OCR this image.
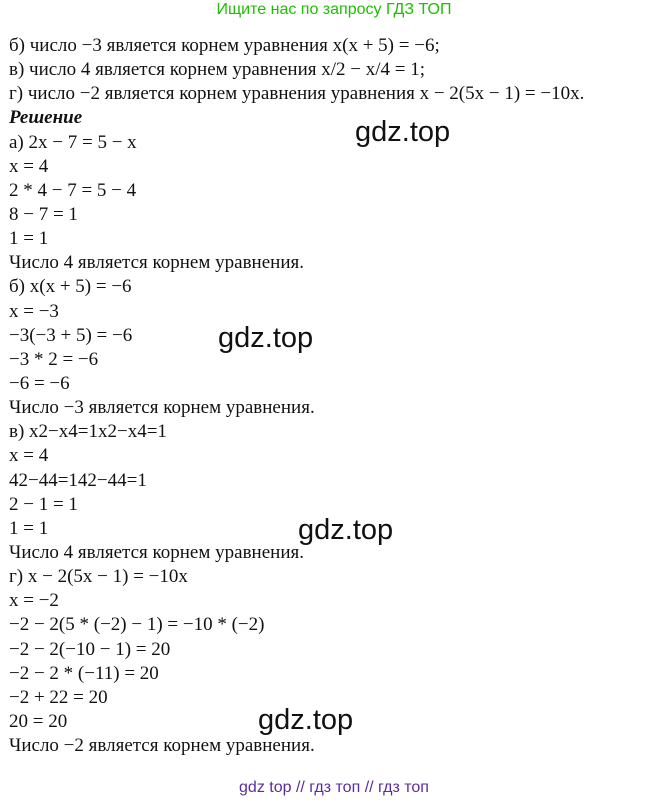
Ищите нас по запросу ГДЗ ТОП
б) число −3 является корнем уравнения x(x + 5) = −6;
в) число 4 является корнем уравнения x/2 − x/4 = 1;
г) число −2 является корнем уравнения уравнения x − 2(5x − 1) = −10x.
Решение
а) 2x − 7 = 5 − x
x = 4
2 * 4 − 7 = 5 − 4
8 − 7 = 1
1 = 1
Число 4 является корнем уравнения.
б) x(x + 5) = −6
x = −3
−3(−3 + 5) = −6
−3 * 2 = −6
−6 = −6
Число −3 является корнем уравнения.
в) x2−x4=1x2−x4=1
x = 4
42−44=142−44=1
2 − 1 = 1
1 = 1
Число 4 является корнем уравнения.
г) x − 2(5x − 1) = −10x
x = −2
−2 − 2(5 * (−2) − 1) = −10 * (−2)
−2 − 2(−10 − 1) = 20
−2 − 2 * (−11) = 20
−2 + 22 = 20
20 = 20
Число −2 является корнем уравнения.
gdz.top
gdz.top
gdz.top
gdz.top
gdz top // гдз топ // гдз топ
